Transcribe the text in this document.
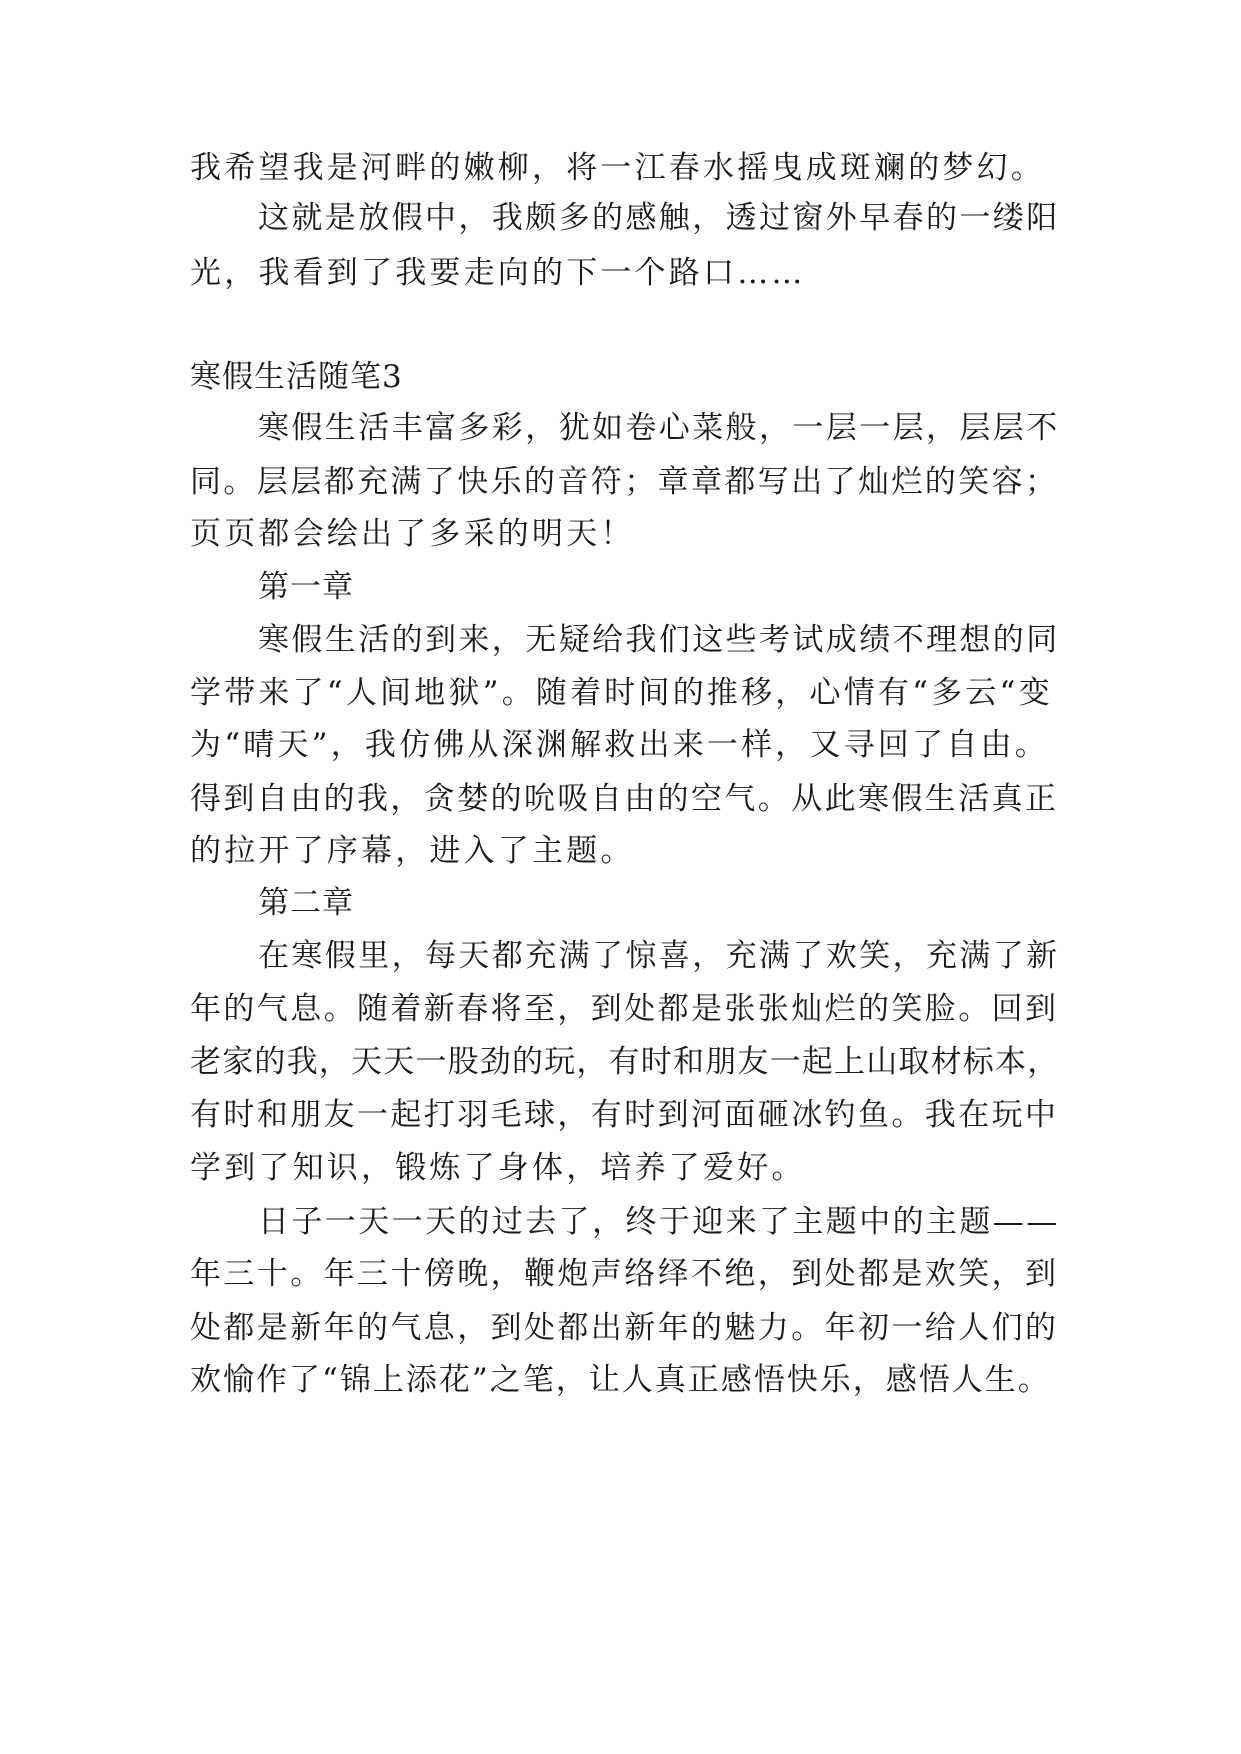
我希望我是河畔的嫩柳，将一江春水摇曳成斑斓的梦幻。
这就是放假中，我颇多的感触，透过窗外早春的一缕阳
光，我看到了我要走向的下一个路口……
寒假生活随笔3
寒假生活丰富多彩，犹如卷心菜般，一层一层，层层不
同。层层都充满了快乐的音符；章章都写出了灿烂的笑容；
页页都会绘出了多采的明天！
第一章
寒假生活的到来，无疑给我们这些考试成绩不理想的同
学带来了“人间地狱”。随着时间的推移，心情有“多云“变
为“晴天”，我仿佛从深渊解救出来一样，又寻回了自由。
得到自由的我，贪婪的吮吸自由的空气。从此寒假生活真正
的拉开了序幕，进入了主题。
第二章
在寒假里，每天都充满了惊喜，充满了欢笑，充满了新
年的气息。随着新春将至，到处都是张张灿烂的笑脸。回到
老家的我，天天一股劲的玩，有时和朋友一起上山取材标本，
有时和朋友一起打羽毛球，有时到河面砸冰钓鱼。我在玩中
学到了知识，锻炼了身体，培养了爱好。
日子一天一天的过去了，终于迎来了主题中的主题——
年三十。年三十傍晚，鞭炮声络绎不绝，到处都是欢笑，到
处都是新年的气息，到处都出新年的魅力。年初一给人们的
欢愉作了“锦上添花”之笔，让人真正感悟快乐，感悟人生。
